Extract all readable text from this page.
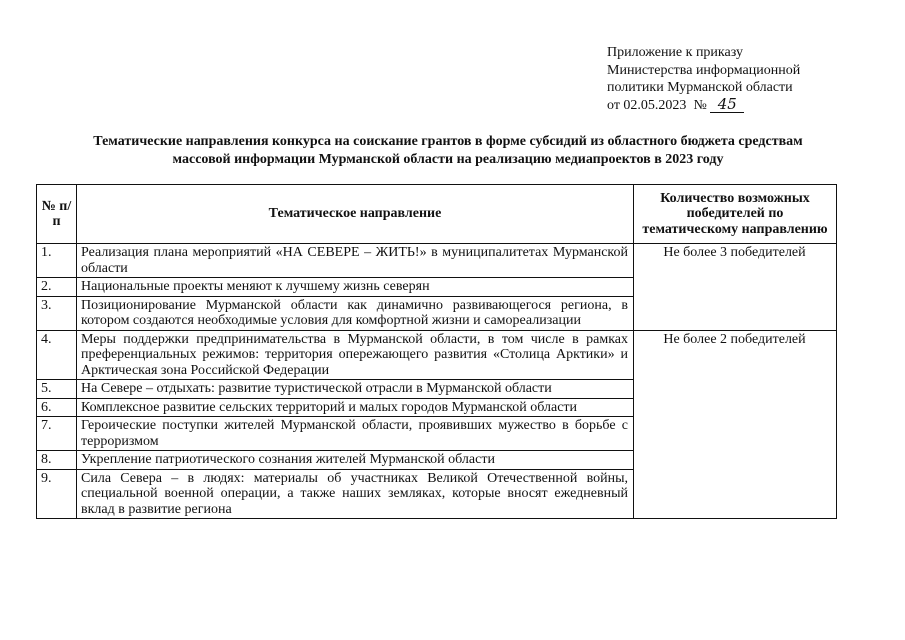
Приложение к приказу
Министерства информационной
политики Мурманской области
от 02.05.2023 № 45
Тематические направления конкурса на соискание грантов в форме субсидий из областного бюджета средствам
массовой информации Мурманской области на реализацию медиапроектов в 2023 году
№ п/п	Тематическое направление	Количество возможных победителей по тематическому направлению
1.	Реализация плана мероприятий «НА СЕВЕРЕ – ЖИТЬ!» в муниципалитетах Мурманской области	Не более 3 победителей
2.	Национальные проекты меняют к лучшему жизнь северян	
3.	Позиционирование Мурманской области как динамично развивающегося региона, в котором создаются необходимые условия для комфортной жизни и самореализации	
4.	Меры поддержки предпринимательства в Мурманской области, в том числе в рамках преференциальных режимов: территория опережающего развития «Столица Арктики» и Арктическая зона Российской Федерации	Не более 2 победителей
5.	На Севере – отдыхать: развитие туристической отрасли в Мурманской области	
6.	Комплексное развитие сельских территорий и малых городов Мурманской области	
7.	Героические поступки жителей Мурманской области, проявивших мужество в борьбе с терроризмом	
8.	Укрепление патриотического сознания жителей Мурманской области	
9.	Сила Севера – в людях: материалы об участниках Великой Отечественной войны, специальной военной операции, а также наших земляках, которые вносят ежедневный вклад в развитие региона	
